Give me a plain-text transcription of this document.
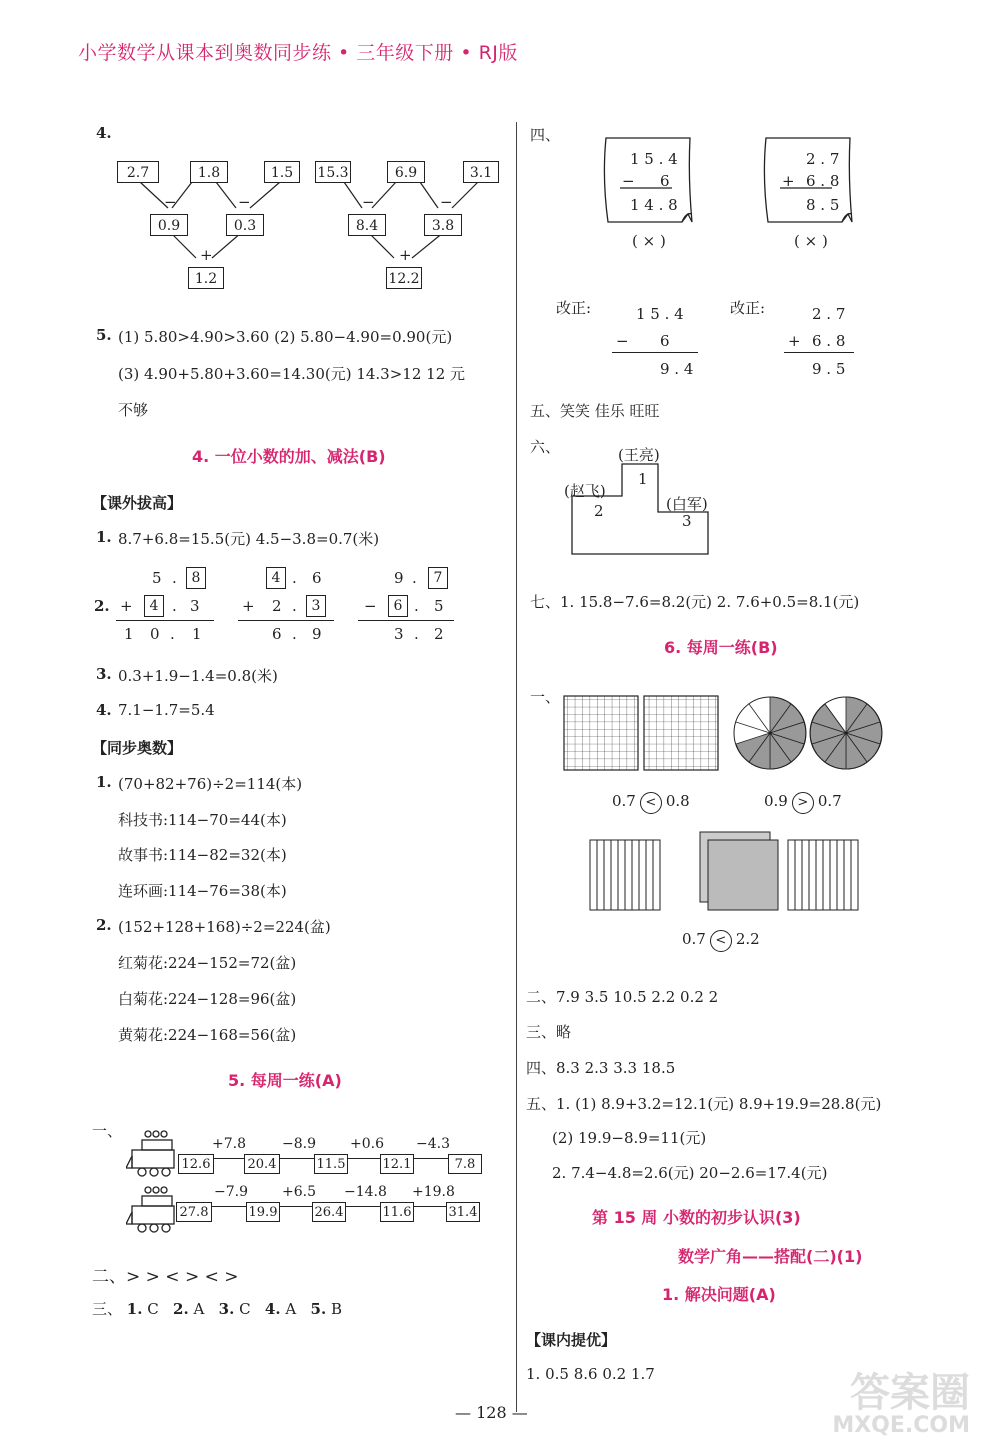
小学数学从课本到奥数同步练 • 三年级下册 • RJ版
4.
2.7	1.8	1.5
−	−
0.9	0.3
+
1.2
15.3	6.9	3.1
−	−
8.4	3.8
+
12.2
5. (1) 5.80>4.90>3.60 (2) 5.80−4.90=0.90(元)
(3) 4.90+5.80+3.60=14.30(元) 14.3>12 12 元
不够
4. 一位小数的加、减法(B)
【课外拔高】
1. 8.7+6.8=15.5(元) 4.5−3.8=0.7(米)
2.
5 .	8
+	4 . 3
1 0 . 1
4 . 6
+ 2 .	3
6 . 9
9 .	7
−	6 . 5
3 . 2
3. 0.3+1.9−1.4=0.8(米)
4. 7.1−1.7=5.4
【同步奥数】
1. (70+82+76)÷2=114(本)
科技书:114−70=44(本)
故事书:114−82=32(本)
连环画:114−76=38(本)
2. (152+128+168)÷2=224(盆)
红菊花:224−152=72(盆)
白菊花:224−128=96(盆)
黄菊花:224−168=56(盆)
5. 每周一练(A)
一、
12.6	20.4	11.5	12.1	7.8
+7.8	−8.9 +0.6 −4.3
27.8	19.9	26.4	11.6	31.4
−7.9 +6.5 −14.8 +19.8
二、> > < > < >
三、 1. C 2. A 3. C 4. A 5. B
四、
1 5 . 4
− 6
1 4 . 8
( × )
2 . 7
+ 6 . 8
8 . 5
( × )
改正:	1 5 . 4
− 6
9 . 4
改正:	2 . 7
+ 6 . 8
9 . 5
五、笑笑 佳乐 旺旺
六、	(王亮)
(赵飞)
(白军)
1
2
3
七、1. 15.8−7.6=8.2(元) 2. 7.6+0.5=8.1(元)
6. 每周一练(B)
一、
0.7 < 0.8	0.9 > 0.7
0.7 < 2.2
二、7.9 3.5 10.5 2.2 0.2 2
三、略
四、8.3 2.3 3.3 18.5
五、1. (1) 8.9+3.2=12.1(元) 8.9+19.9=28.8(元)
(2) 19.9−8.9=11(元)
2. 7.4−4.8=2.6(元) 20−2.6=17.4(元)
第 15 周 小数的初步认识(3)
数学广角——搭配(二)(1)
1. 解决问题(A)
【课内提优】
1. 0.5 8.6 0.2 1.7
— 128 —	答案圈
MXQE.COM
